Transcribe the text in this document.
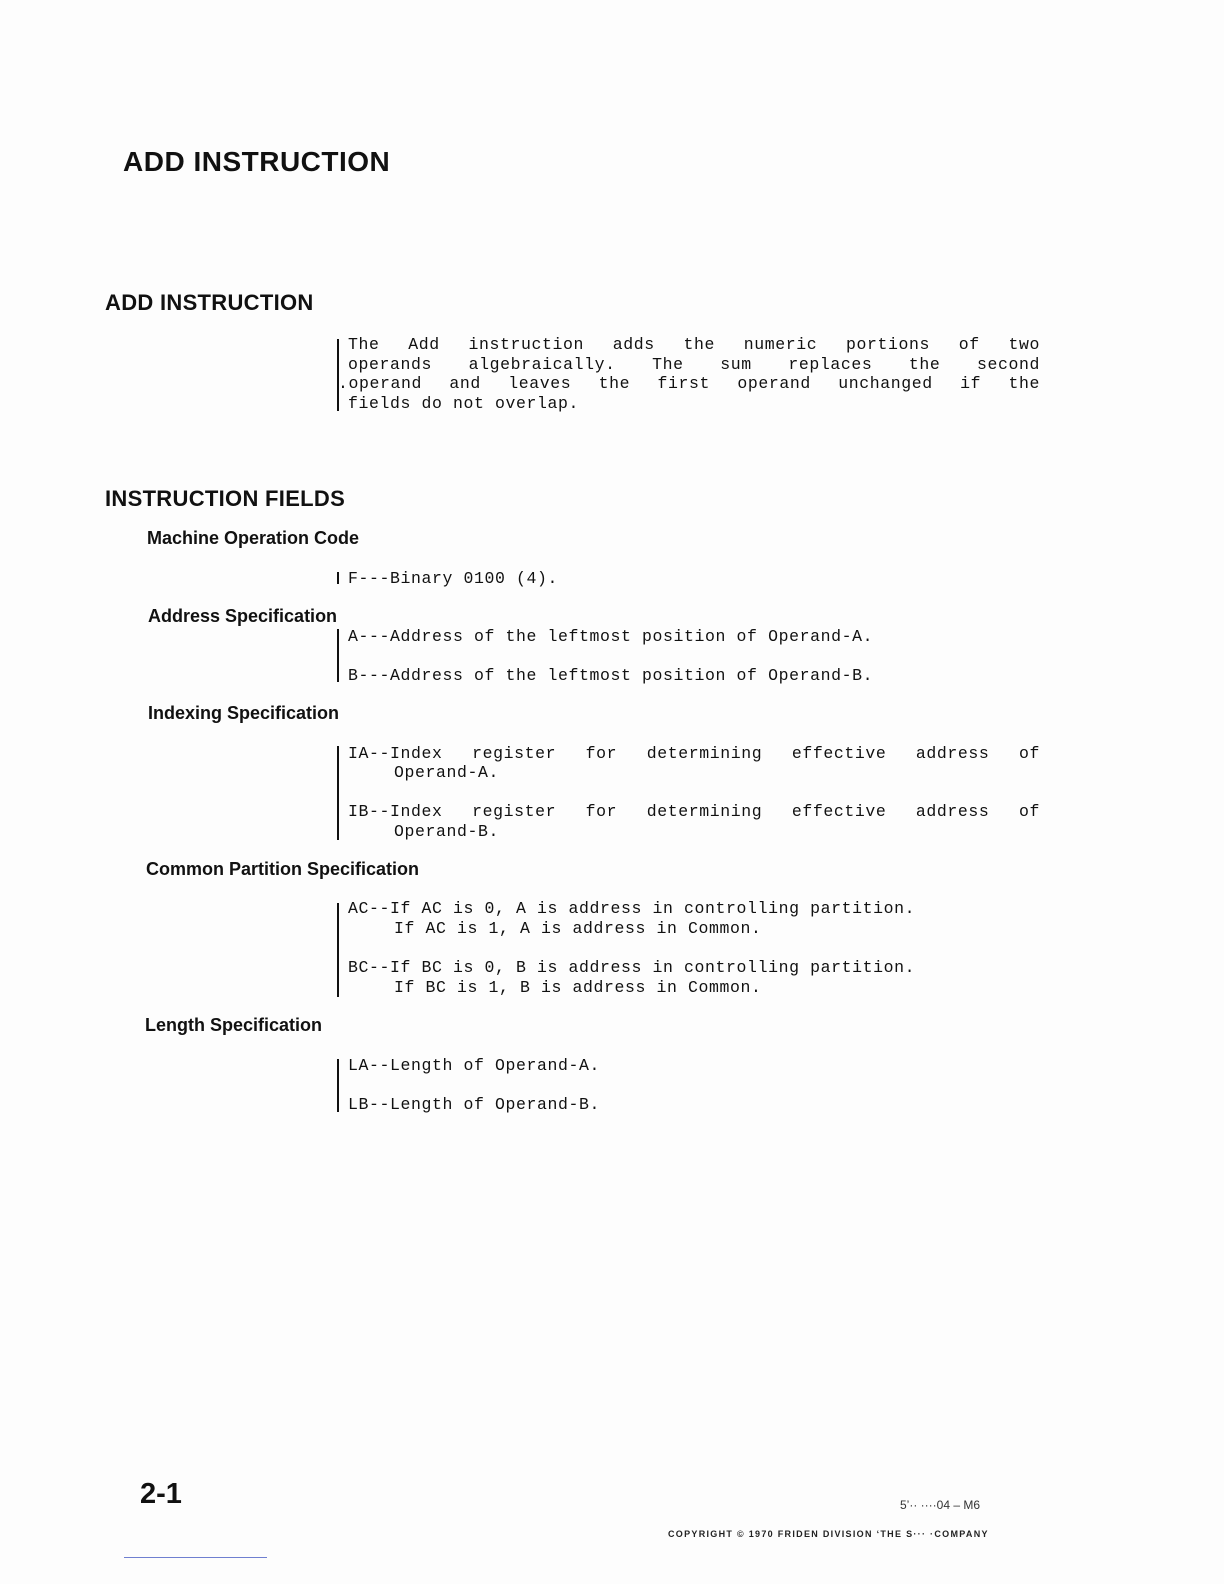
ADD INSTRUCTION
ADD INSTRUCTION
The Add instruction adds the numeric portions of two
operands algebraically. The sum replaces the second
.operand and leaves the first operand unchanged if the
fields do not overlap.
INSTRUCTION FIELDS
Machine Operation Code
F---Binary 0100 (4).
Address Specification
A---Address of the leftmost position of Operand-A.
B---Address of the leftmost position of Operand-B.
Indexing Specification
IA--Index register for determining effective address of
Operand-A.
IB--Index register for determining effective address of
Operand-B.
Common Partition Specification
AC--If AC is 0, A is address in controlling partition.
If AC is 1, A is address in Common.
BC--If BC is 0, B is address in controlling partition.
If BC is 1, B is address in Common.
Length Specification
LA--Length of Operand-A.
LB--Length of Operand-B.
2-1	5’·· ····04 – M6
COPYRIGHT © 1970 FRIDEN DIVISION ‘THE S··· ·COMPANY
